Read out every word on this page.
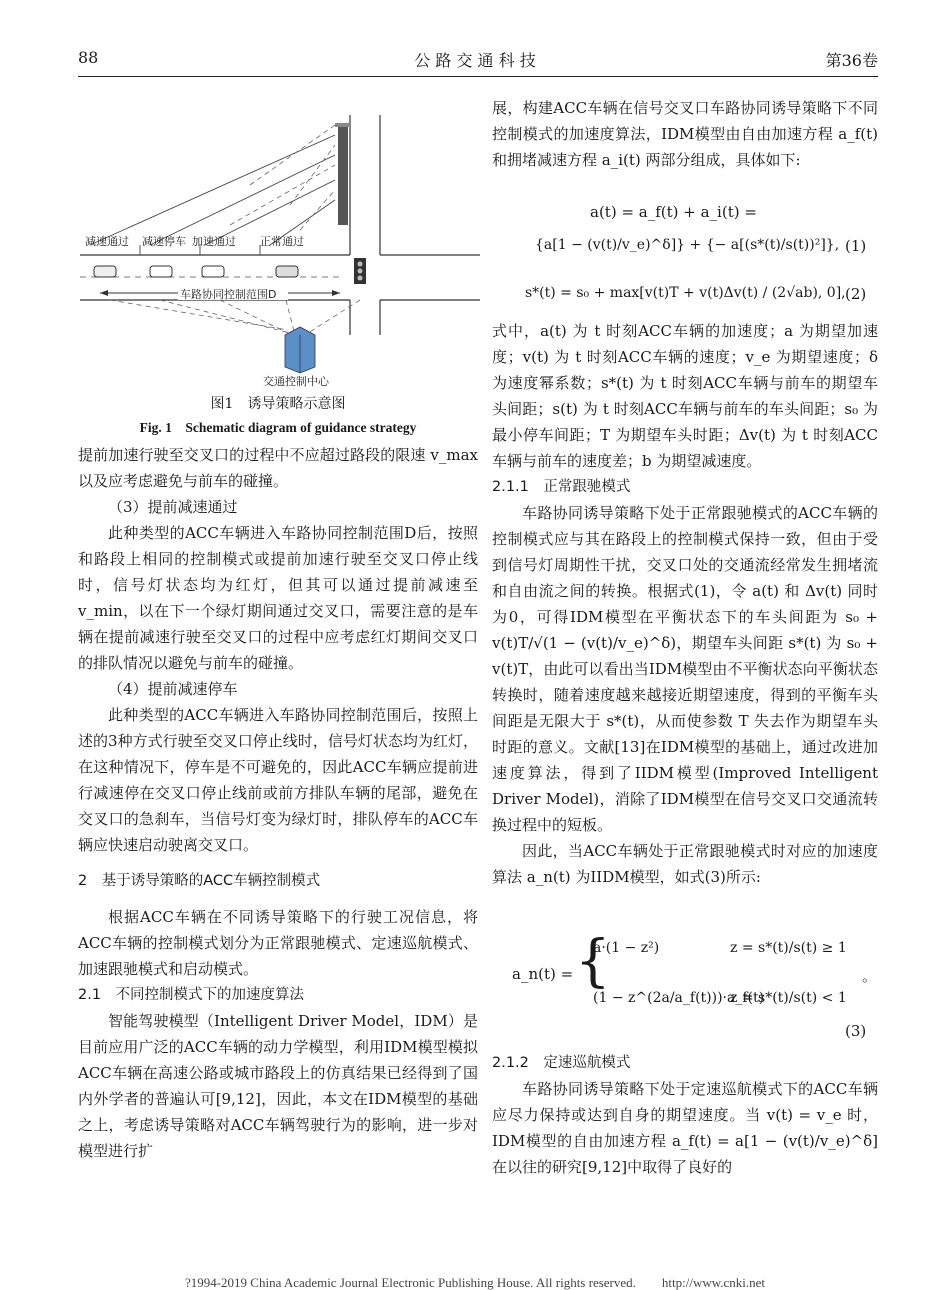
88	公 路 交 通 科 技	第36卷
减速通过 减速停车 加速通过 正常通过
车路协同控制范围D
交通控制中心
图1　诱导策略示意图
Fig. 1　Schematic diagram of guidance strategy

提前加速行驶至交叉口的过程中不应超过路段的限速 v_max 以及应考虑避免与前车的碰撞。

（3）提前减速通过

此种类型的ACC车辆进入车路协同控制范围D后，按照和路段上相同的控制模式或提前加速行驶至交叉口停止线时，信号灯状态均为红灯，但其可以通过提前减速至 v_min，以在下一个绿灯期间通过交叉口，需要注意的是车辆在提前减速行驶至交叉口的过程中应考虑红灯期间交叉口的排队情况以避免与前车的碰撞。

（4）提前减速停车

此种类型的ACC车辆进入车路协同控制范围后，按照上述的3种方式行驶至交叉口停止线时，信号灯状态均为红灯，在这种情况下，停车是不可避免的，因此ACC车辆应提前进行减速停在交叉口停止线前或前方排队车辆的尾部，避免在交叉口的急刹车，当信号灯变为绿灯时，排队停车的ACC车辆应快速启动驶离交叉口。

2　基于诱导策略的ACC车辆控制模式

根据ACC车辆在不同诱导策略下的行驶工况信息，将ACC车辆的控制模式划分为正常跟驰模式、定速巡航模式、加速跟驰模式和启动模式。

2.1　不同控制模式下的加速度算法

智能驾驶模型（Intelligent Driver Model，IDM）是目前应用广泛的ACC车辆的动力学模型，利用IDM模型模拟ACC车辆在高速公路或城市路段上的仿真结果已经得到了国内外学者的普遍认可[9,12]，因此，本文在IDM模型的基础之上，考虑诱导策略对ACC车辆驾驶行为的影响，进一步对模型进行扩

展，构建ACC车辆在信号交叉口车路协同诱导策略下不同控制模式的加速度算法，IDM模型由自由加速方程 a_f(t) 和拥堵减速方程 a_i(t) 两部分组成，具体如下:

a(t) = a_f(t) + a_i(t) =
{a[1 − (v(t)/v_e)^δ]} + {− a[(s*(t)/s(t))²]}, (1)
s*(t) = s₀ + max[v(t)T + v(t)Δv(t) / (2√ab), 0], (2)

式中，a(t) 为 t 时刻ACC车辆的加速度；a 为期望加速度；v(t) 为 t 时刻ACC车辆的速度；v_e 为期望速度；δ 为速度幂系数；s*(t) 为 t 时刻ACC车辆与前车的期望车头间距；s(t) 为 t 时刻ACC车辆与前车的车头间距；s₀ 为最小停车间距；T 为期望车头时距；Δv(t) 为 t 时刻ACC车辆与前车的速度差；b 为期望减速度。

2.1.1　正常跟驰模式

车路协同诱导策略下处于正常跟驰模式的ACC车辆的控制模式应与其在路段上的控制模式保持一致，但由于受到信号灯周期性干扰，交叉口处的交通流经常发生拥堵流和自由流之间的转换。根据式(1)，令 a(t) 和 Δv(t) 同时为0，可得IDM模型在平衡状态下的车头间距为 s₀ + v(t)T/√(1 − (v(t)/v_e)^δ)，期望车头间距 s*(t) 为 s₀ + v(t)T，由此可以看出当IDM模型由不平衡状态向平衡状态转换时，随着速度越来越接近期望速度，得到的平衡车头间距是无限大于 s*(t)，从而使参数 T 失去作为期望车头时距的意义。文献[13]在IDM模型的基础上，通过改进加速度算法，得到了IIDM模型(Improved Intelligent Driver Model)，消除了IDM模型在信号交叉口交通流转换过程中的短板。

因此，当ACC车辆处于正常跟驰模式时对应的加速度算法 a_n(t) 为IIDM模型，如式(3)所示:

a_n(t) = {
a·(1 − z²)	z = s*(t)/s(t) ≥ 1
(1 − z^(2a/a_f(t)))·a_f(t)
z = s*(t)/s(t) < 1
。
(3)

2.1.2　定速巡航模式

车路协同诱导策略下处于定速巡航模式下的ACC车辆应尽力保持或达到自身的期望速度。当 v(t) = v_e 时，IDM模型的自由加速方程 a_f(t) = a[1 − (v(t)/v_e)^δ] 在以往的研究[9,12]中取得了良好的

?1994-2019 China Academic Journal Electronic Publishing House. All rights reserved.　　http://www.cnki.net
